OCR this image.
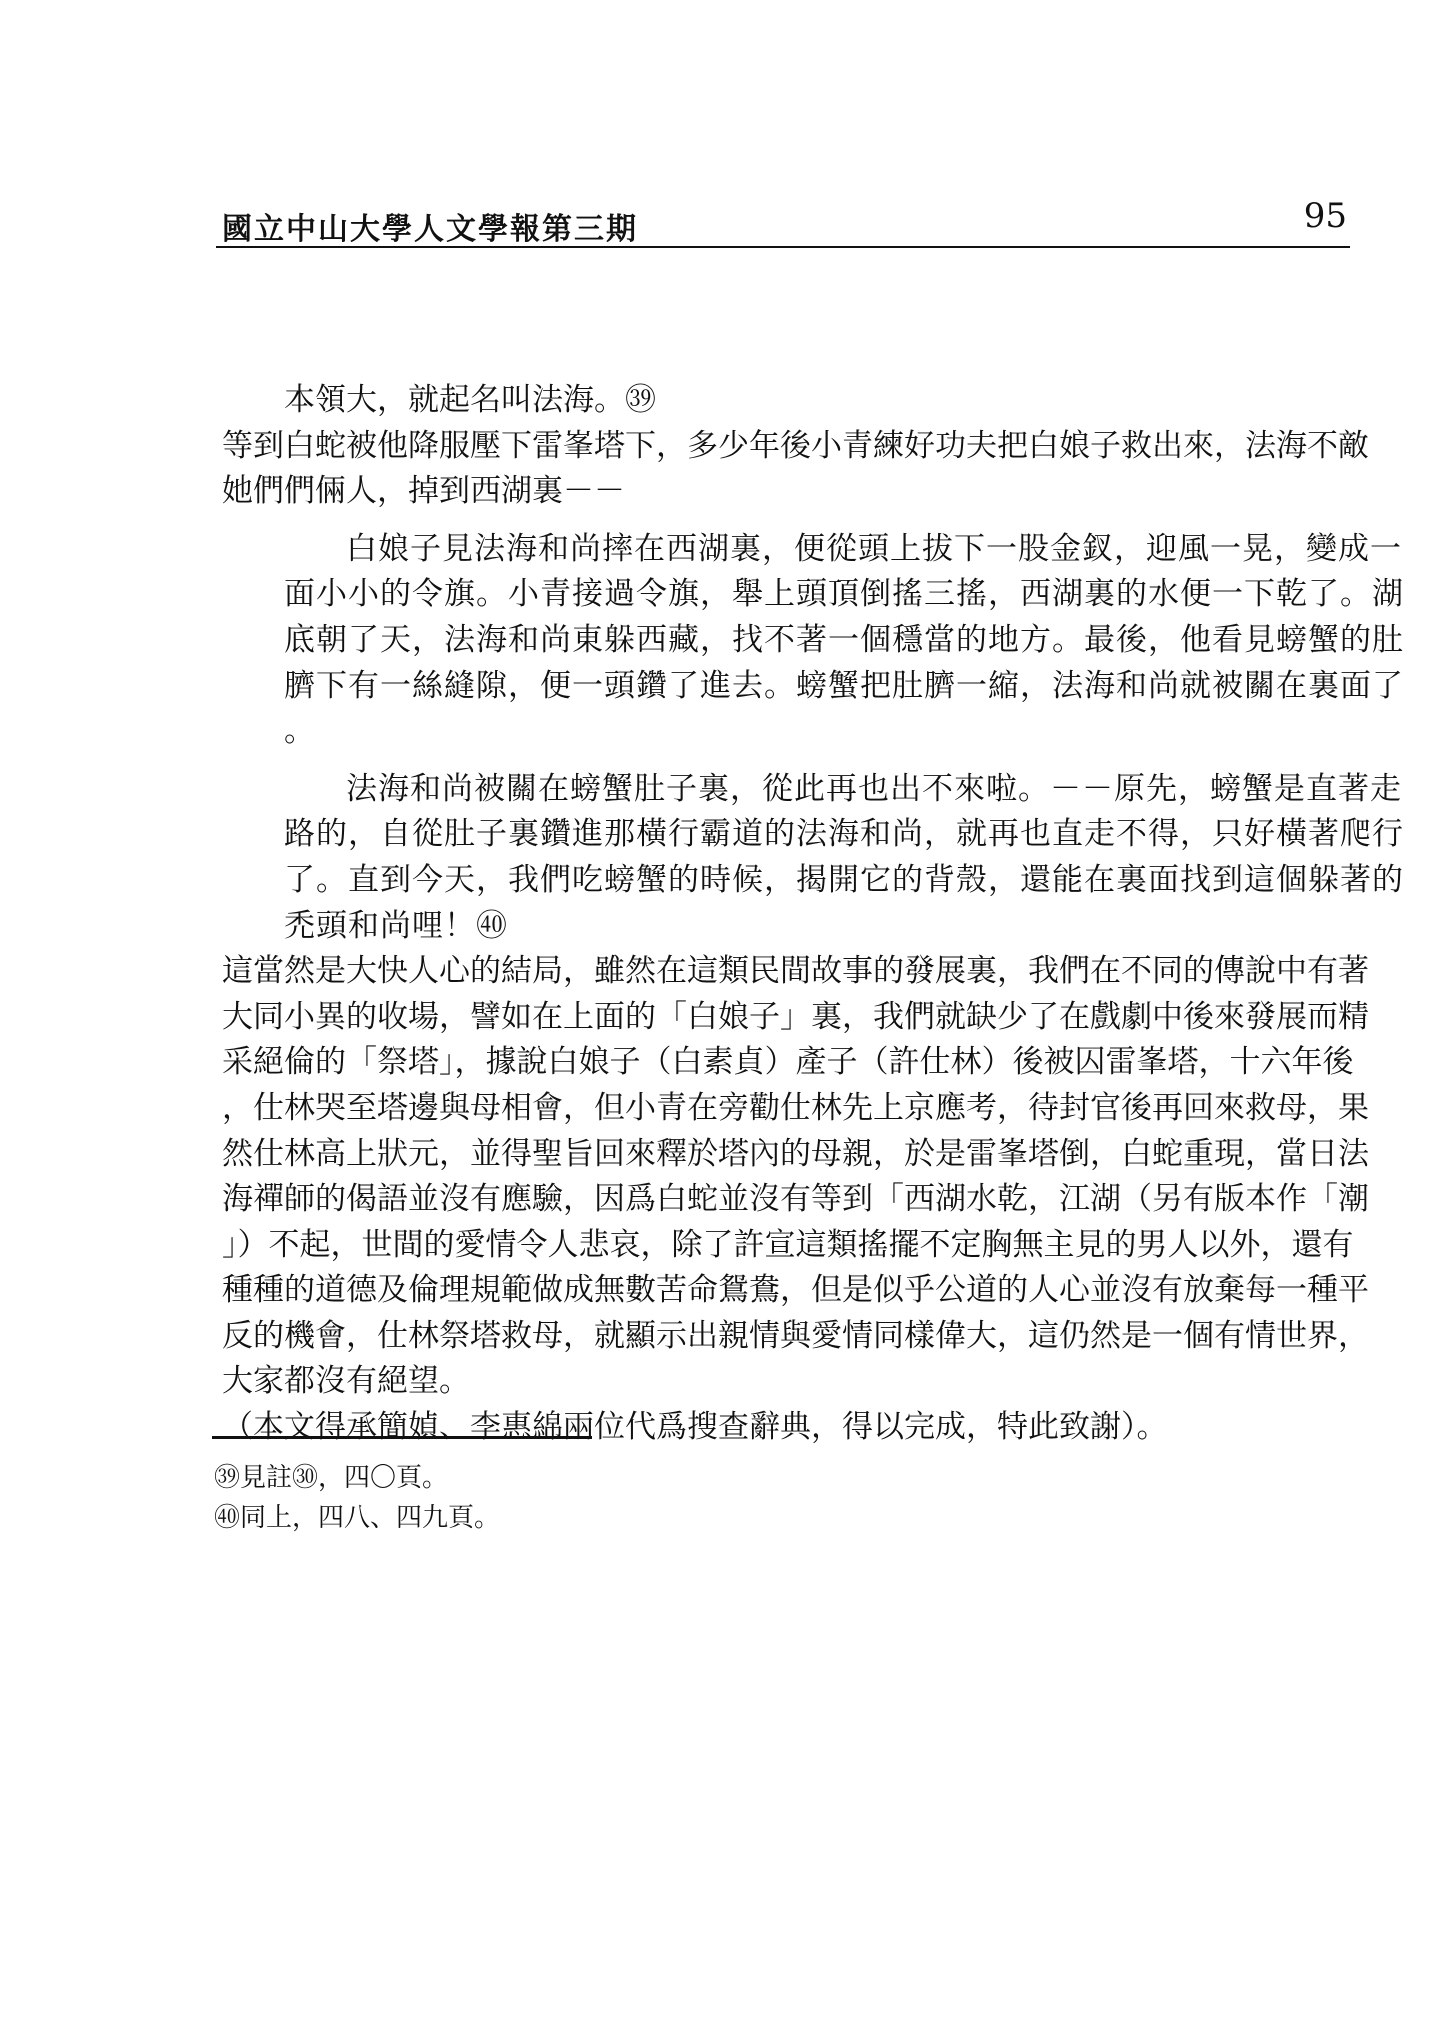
國立中山大學人文學報第三期	95

本領大，就起名叫法海。㊴

等到白蛇被他降服壓下雷峯塔下，多少年後小青練好功夫把白娘子救出來，法海不敵

她們們倆人，掉到西湖裏－－

白娘子見法海和尚摔在西湖裏，便從頭上拔下一股金釵，迎風一晃，變成一

面小小的令旗。小青接過令旗，舉上頭頂倒搖三搖，西湖裏的水便一下乾了。湖

底朝了天，法海和尚東躲西藏，找不著一個穩當的地方。最後，他看見螃蟹的肚

臍下有一絲縫隙，便一頭鑽了進去。螃蟹把肚臍一縮，法海和尚就被關在裏面了

。

法海和尚被關在螃蟹肚子裏，從此再也出不來啦。－－原先，螃蟹是直著走

路的，自從肚子裏鑽進那橫行霸道的法海和尚，就再也直走不得，只好橫著爬行

了。直到今天，我們吃螃蟹的時候，揭開它的背殼，還能在裏面找到這個躲著的

禿頭和尚哩！㊵

這當然是大快人心的結局，雖然在這類民間故事的發展裏，我們在不同的傳說中有著

大同小異的收場，譬如在上面的「白娘子」裏，我們就缺少了在戲劇中後來發展而精

采絕倫的「祭塔」，據說白娘子（白素貞）產子（許仕林）後被囚雷峯塔，十六年後

，仕林哭至塔邊與母相會，但小青在旁勸仕林先上京應考，待封官後再回來救母，果

然仕林高上狀元，並得聖旨回來釋於塔內的母親，於是雷峯塔倒，白蛇重現，當日法

海禪師的偈語並沒有應驗，因爲白蛇並沒有等到「西湖水乾，江湖（另有版本作「潮

」）不起，世間的愛情令人悲哀，除了許宣這類搖擺不定胸無主見的男人以外，還有

種種的道德及倫理規範做成無數苦命鴛鴦，但是似乎公道的人心並沒有放棄每一種平

反的機會，仕林祭塔救母，就顯示出親情與愛情同樣偉大，這仍然是一個有情世界，

大家都沒有絕望。

（本文得承簡媜、李惠綿兩位代爲搜查辭典，得以完成，特此致謝）。

㊴見註㉚，四〇頁。

㊵同上，四八、四九頁。
